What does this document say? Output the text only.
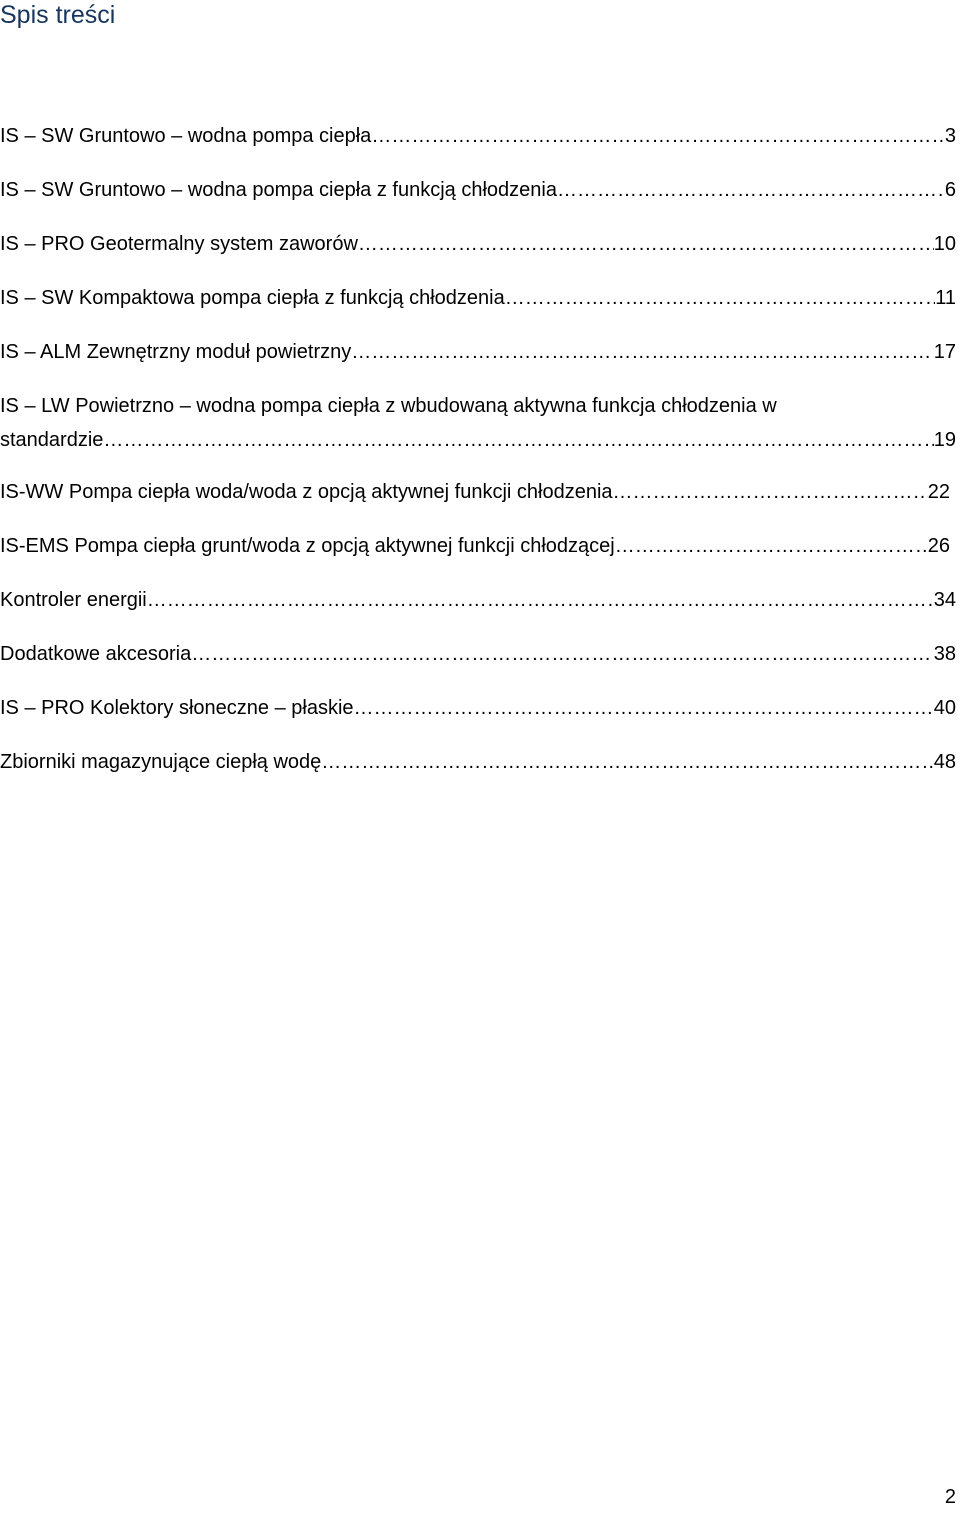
Spis treści
IS – SW Gruntowo – wodna pompa ciepła …………………………………………………………………………………………………………………………………………………………………………………………………………………………………………	3
IS – SW Gruntowo – wodna pompa ciepła z funkcją chłodzenia …………………………………………………………………………………………………………………………………………………………………………………………………………………………………………	6
IS – PRO Geotermalny system zaworów …………………………………………………………………………………………………………………………………………………………………………………………………………………………………………	10
IS – SW Kompaktowa pompa ciepła z funkcją chłodzenia …………………………………………………………………………………………………………………………………………………………………………………………………………………………………………	11
IS – ALM Zewnętrzny moduł powietrzny …………………………………………………………………………………………………………………………………………………………………………………………………………………………………………	17
IS – LW Powietrzno – wodna pompa ciepła z wbudowaną aktywna funkcja chłodzenia w
standardzie …………………………………………………………………………………………………………………………………………………………………………………………………………………………………………	19
IS-WW Pompa ciepła woda/woda z opcją aktywnej funkcji chłodzenia …………………………………………………………………………………………………………………………………………………………………………………………………………………………………………	22
IS-EMS Pompa ciepła grunt/woda z opcją aktywnej funkcji chłodzącej …………………………………………………………………………………………………………………………………………………………………………………………………………………………………………	26
Kontroler energii …………………………………………………………………………………………………………………………………………………………………………………………………………………………………………	34
Dodatkowe akcesoria …………………………………………………………………………………………………………………………………………………………………………………………………………………………………………	38
IS – PRO Kolektory słoneczne – płaskie …………………………………………………………………………………………………………………………………………………………………………………………………………………………………………	40
Zbiorniki magazynujące ciepłą wodę …………………………………………………………………………………………………………………………………………………………………………………………………………………………………………	48
2
